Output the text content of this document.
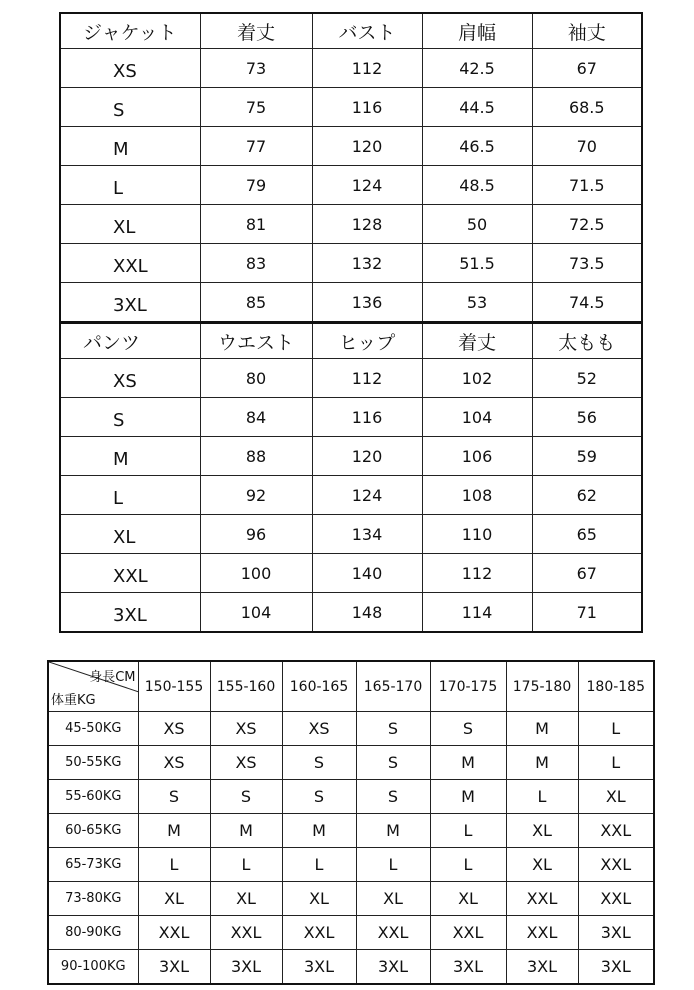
ジャケット	着丈	バスト	肩幅	袖丈
XS	73	112	42.5	67
S	75	116	44.5	68.5
M	77	120	46.5	70
L	79	124	48.5	71.5
XL	81	128	50	72.5
XXL	83	132	51.5	73.5
3XL	85	136	53	74.5
パンツ	ウエスト	ヒップ	着丈	太もも
XS	80	112	102	52
S	84	116	104	56
M	88	120	106	59
L	92	124	108	62
XL	96	134	110	65
XXL	100	140	112	67
3XL	104	148	114	71
身長CM
体重KG	150-155	155-160	160-165	165-170	170-175	175-180	180-185
45-50KG	XS	XS	XS	S	S	M	L
50-55KG	XS	XS	S	S	M	M	L
55-60KG	S	S	S	S	M	L	XL
60-65KG	M	M	M	M	L	XL	XXL
65-73KG	L	L	L	L	L	XL	XXL
73-80KG	XL	XL	XL	XL	XL	XXL	XXL
80-90KG	XXL	XXL	XXL	XXL	XXL	XXL	3XL
90-100KG	3XL	3XL	3XL	3XL	3XL	3XL	3XL
